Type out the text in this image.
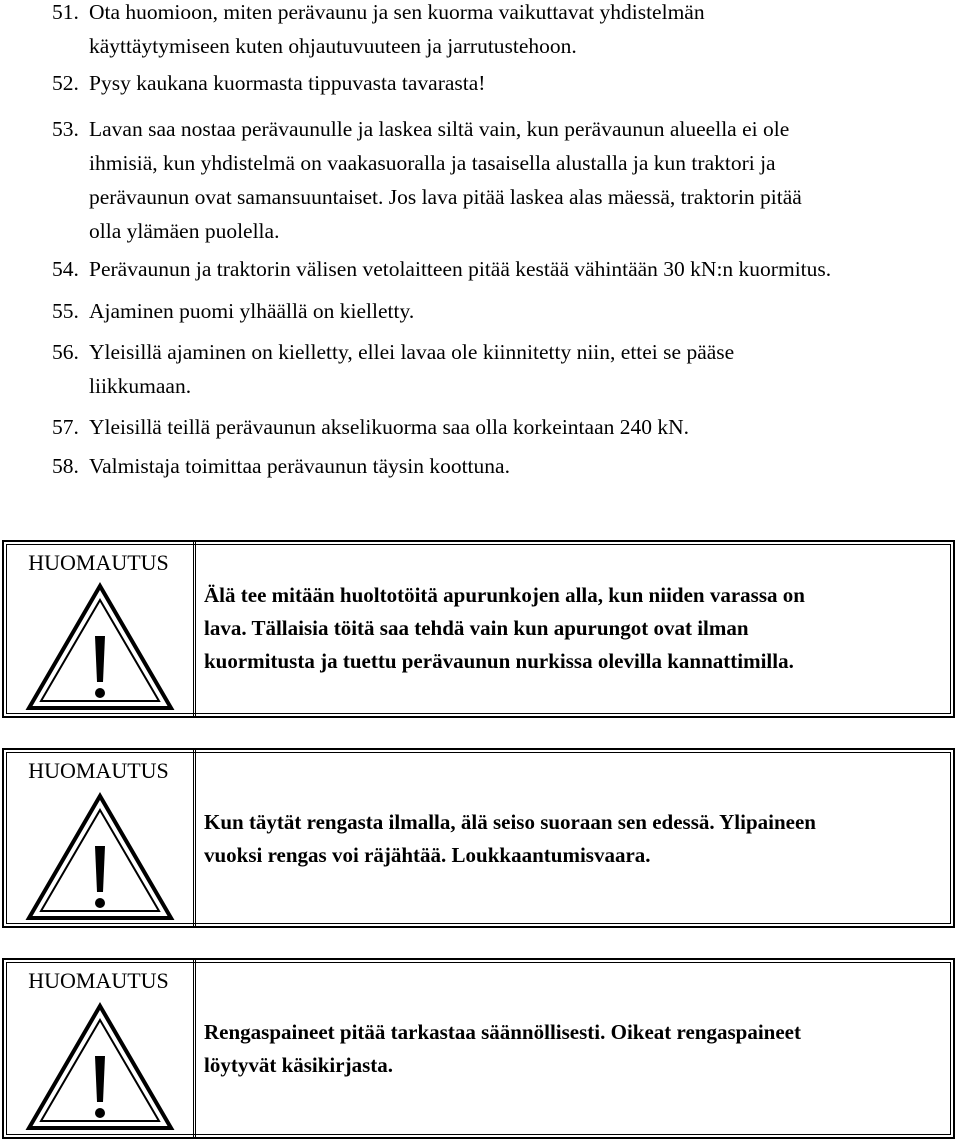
51. Ota huomioon, miten perävaunu ja sen kuorma vaikuttavat yhdistelmän
käyttäytymiseen kuten ohjautuvuuteen ja jarrutustehoon.
52. Pysy kaukana kuormasta tippuvasta tavarasta!
53. Lavan saa nostaa perävaunulle ja laskea siltä vain, kun perävaunun alueella ei ole
ihmisiä, kun yhdistelmä on vaakasuoralla ja tasaisella alustalla ja kun traktori ja
perävaunun ovat samansuuntaiset. Jos lava pitää laskea alas mäessä, traktorin pitää
olla ylämäen puolella.
54. Perävaunun ja traktorin välisen vetolaitteen pitää kestää vähintään 30 kN:n kuormitus.
55. Ajaminen puomi ylhäällä on kielletty.
56. Yleisillä ajaminen on kielletty, ellei lavaa ole kiinnitetty niin, ettei se pääse
liikkumaan.
57. Yleisillä teillä perävaunun akselikuorma saa olla korkeintaan 240 kN.
58. Valmistaja toimittaa perävaunun täysin koottuna.
HUOMAUTUS
Älä tee mitään huoltotöitä apurunkojen alla, kun niiden varassa on
lava. Tällaisia töitä saa tehdä vain kun apurungot ovat ilman
kuormitusta ja tuettu perävaunun nurkissa olevilla kannattimilla.
HUOMAUTUS
Kun täytät rengasta ilmalla, älä seiso suoraan sen edessä. Ylipaineen
vuoksi rengas voi räjähtää. Loukkaantumisvaara.
HUOMAUTUS
Rengaspaineet pitää tarkastaa säännöllisesti. Oikeat rengaspaineet
löytyvät käsikirjasta.
